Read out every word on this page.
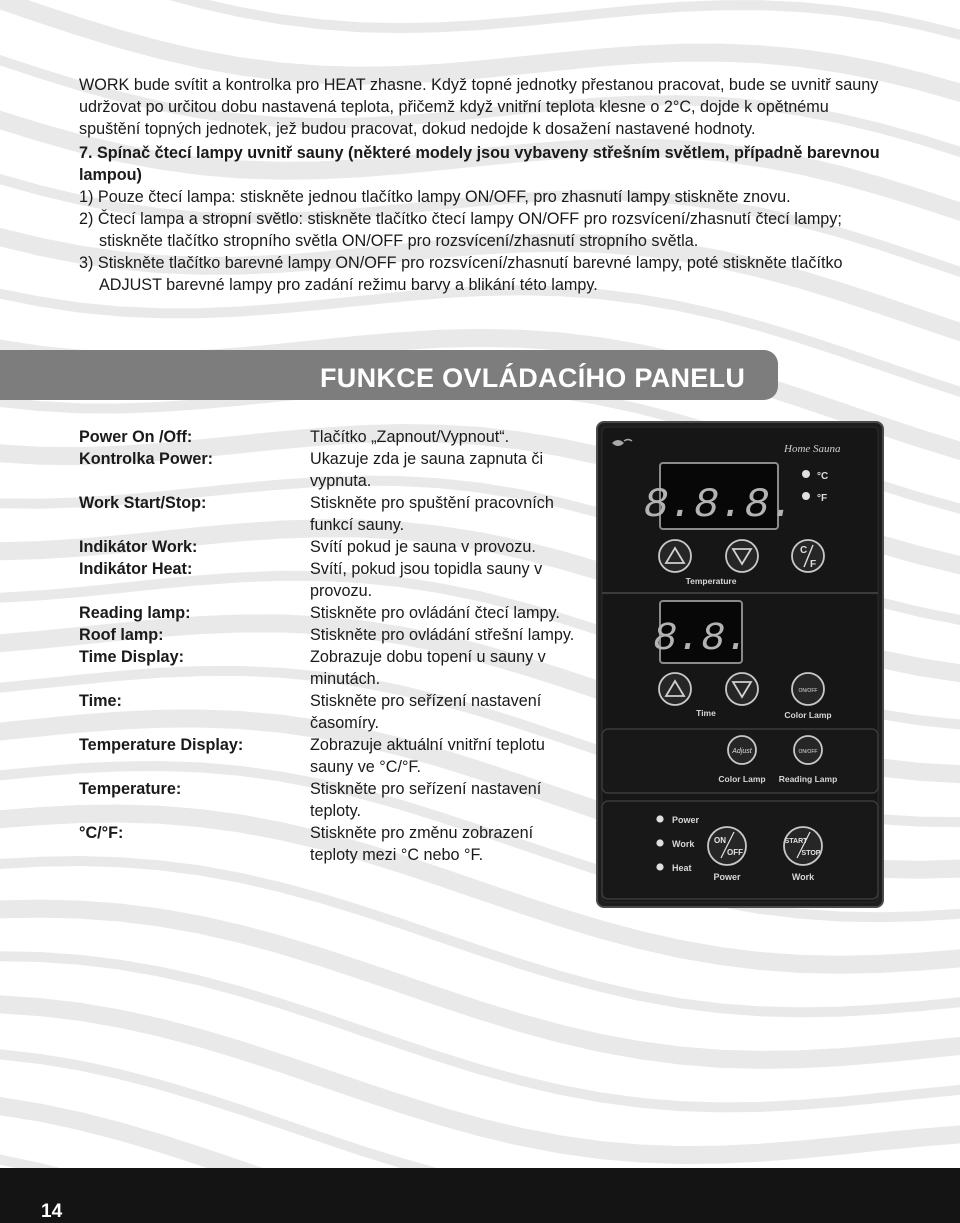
WORK bude svítit a kontrolka pro HEAT zhasne. Když topné jednotky přestanou pracovat, bude se uvnitř sauny udržovat po určitou dobu nastavená teplota, přičemž když vnitřní teplota klesne o 2°C, dojde k opětnému spuštění topných jednotek, jež budou pracovat, dokud nedojde k dosažení nastavené hodnoty.

7. Spínač čtecí lampy uvnitř sauny (některé modely jsou vybaveny střešním světlem, případně barevnou lampou)

1) Pouze čtecí lampa: stiskněte jednou tlačítko lampy ON/OFF, pro zhasnutí lampy stiskněte znovu.

2) Čtecí lampa a stropní světlo: stiskněte tlačítko čtecí lampy ON/OFF pro rozsvícení/zhasnutí čtecí lampy; stiskněte tlačítko stropního světla ON/OFF pro rozsvícení/zhasnutí stropního světla.

3) Stiskněte tlačítko barevné lampy ON/OFF pro rozsvícení/zhasnutí barevné lampy, poté stiskněte tlačítko ADJUST barevné lampy pro zadání režimu barvy a blikání této lampy.

FUNKCE OVLÁDACÍHO PANELU
Power On /Off:	Tlačítko „Zapnout/Vypnout“.
Kontrolka Power:	Ukazuje zda je sauna zapnuta či vypnuta.
Work Start/Stop:	Stiskněte pro spuštění pracovních funkcí sauny.
Indikátor Work:	Svítí pokud je sauna v provozu.
Indikátor Heat:	Svítí, pokud jsou topidla sauny v provozu.
Reading lamp:	Stiskněte pro ovládání čtecí lampy.
Roof lamp:	Stiskněte pro ovládání střešní lampy.
Time Display:	Zobrazuje dobu topení u sauny v minutách.
Time:	Stiskněte pro seřízení nastavení časomíry.
Temperature Display:	Zobrazuje aktuální vnitřní teplotu sauny ve °C/°F.
Temperature:	Stiskněte pro seřízení nastavení teploty.
°C/°F:	Stiskněte pro změnu zobrazení teploty mezi °C nebo °F.
Home Sauna
8.8.8.
°C
°F
C
F
Temperature
8.8.
ON/OFF
Time	Color Lamp
Adjust	ON/OFF
Color Lamp Reading Lamp
Power
Work
Heat
ON
OFF
Power
START
STOP
Work
14
